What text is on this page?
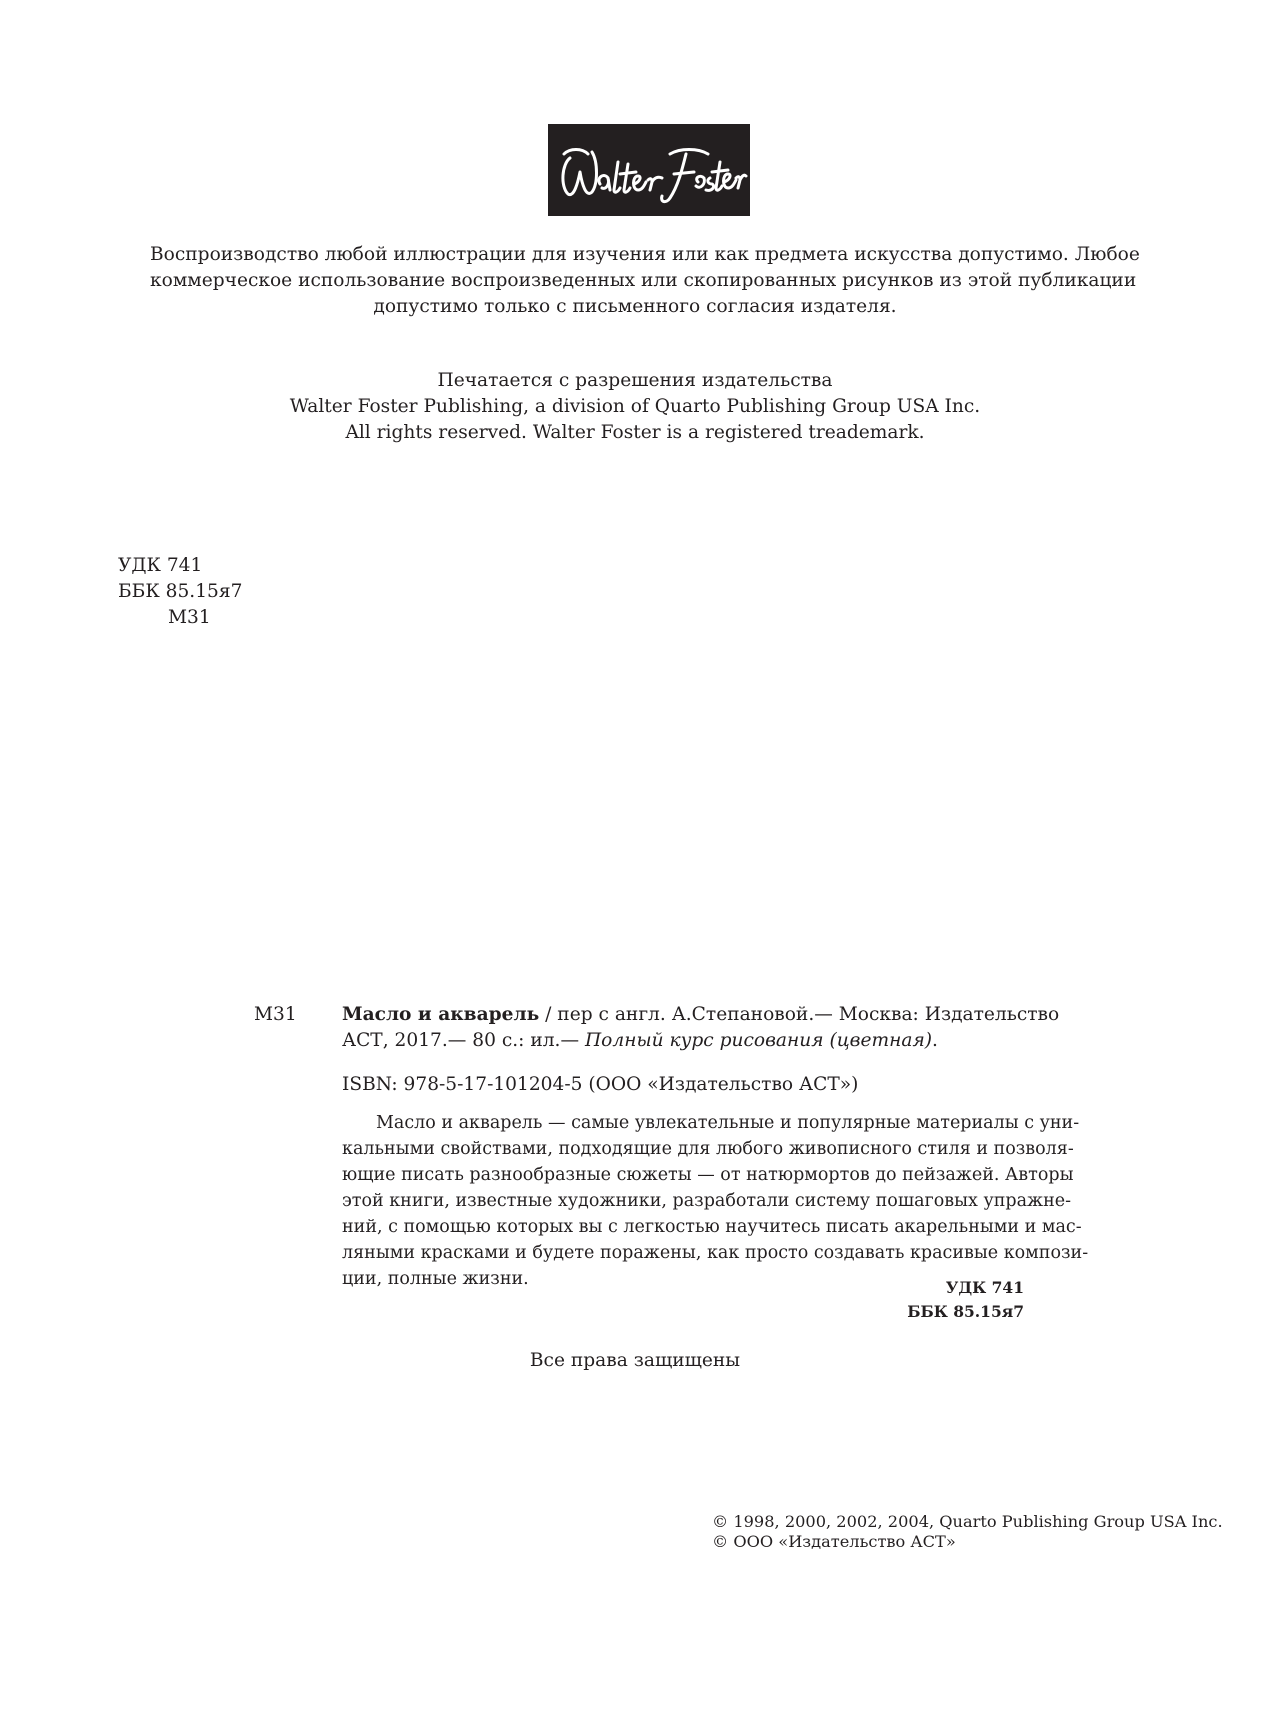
Воспроизводство любой иллюстрации для изучения или как предмета искусства допустимо. Любое
коммерческое использование воспроизведенных или скопированных рисунков из этой публикации
допустимо только с письменного согласия издателя.
Печатается с разрешения издательства
Walter Foster Publishing, a division of Quarto Publishing Group USA Inc.
All rights reserved. Walter Foster is a registered treademark.
УДК 741
ББК 85.15я7
М31
М31 Масло и акварель / пер с англ. А.Степановой.— Москва: Издательство
АСТ, 2017.— 80 с.: ил.— Полный курс рисования (цветная).
ISBN: 978-5-17-101204-5 (ООО «Издательство АСТ»)
Масло и акварель — самые увлекательные и популярные материалы с уни-
кальными свойствами, подходящие для любого живописного стиля и позволя-
ющие писать разнообразные сюжеты — от натюрмортов до пейзажей. Авторы
этой книги, известные художники, разработали систему пошаговых упражне-
ний, с помощью которых вы с легкостью научитесь писать акарельными и мас-
ляными красками и будете поражены, как просто создавать красивые компози-
ции, полные жизни.	УДК 741
ББК 85.15я7
Все права защищены
© 1998, 2000, 2002, 2004, Quarto Publishing Group USA Inc.
© ООО «Издательство АСТ»
